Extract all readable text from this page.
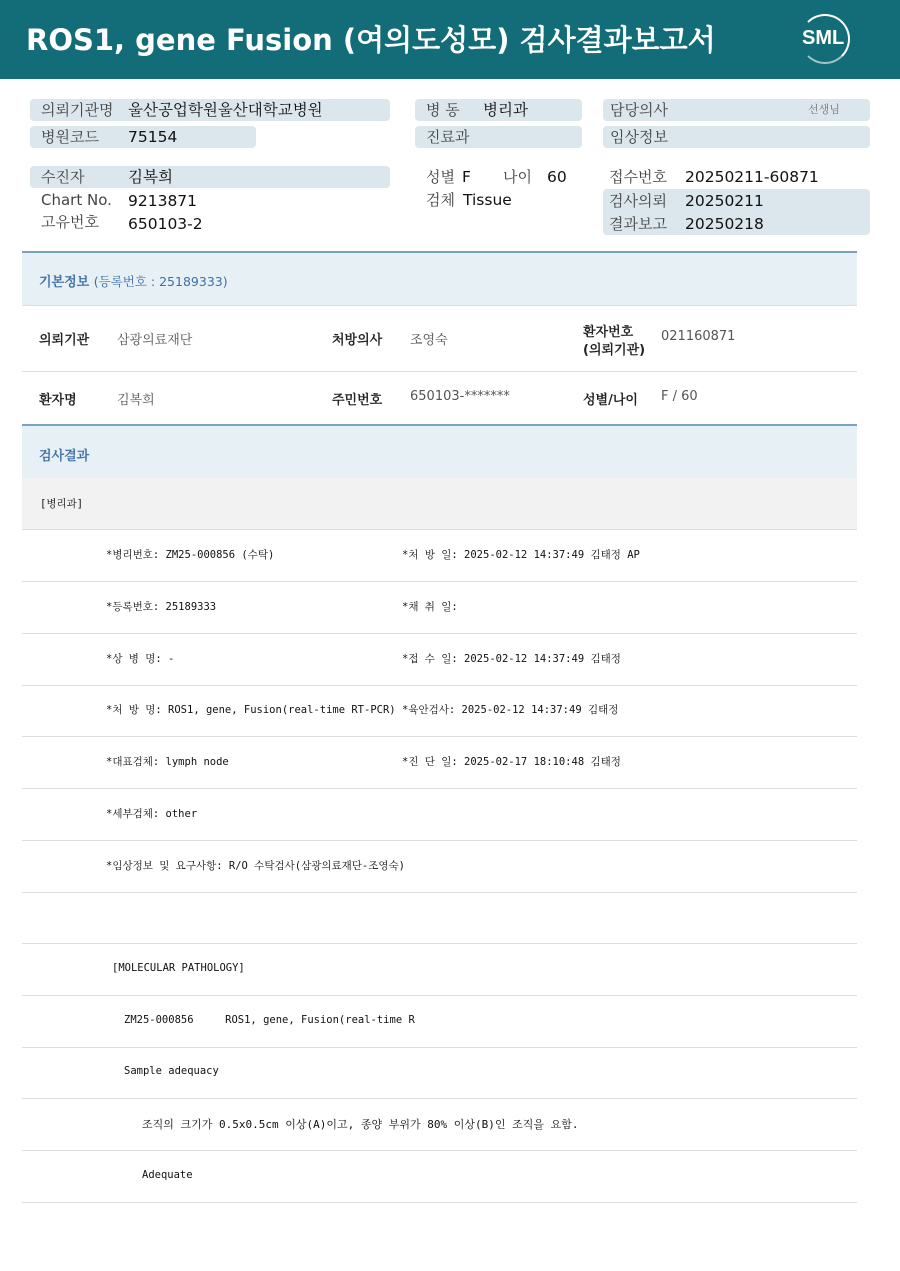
ROS1, gene Fusion (여의도성모) 검사결과보고서	SML
의뢰기관명 울산공업학원울산대학교병원
병원코드 75154
병 동 병리과
진료과
담당의사	선생님
임상정보
수진자	김복희
Chart No. 9213871
고유번호 650103-2
성별 F 나이 60
검체 Tissue
접수번호 20250211-60871
검사의뢰 20250211
결과보고 20250218
기본정보 (등록번호 : 25189333)
의뢰기관 삼광의료재단	처방의사 조영숙
환자번호
(의뢰기관)
021160871
환자명	김복희	주민번호 650103-*******	성별/나이 F / 60
검사결과
[병리과]
*병리번호: ZM25-000856 (수탁)	*처 방 일: 2025-02-12 14:37:49 김태정 AP
*등록번호: 25189333	*채 취 일:
*상 병 명: -	*접 수 일: 2025-02-12 14:37:49 김태정
*처 방 명: ROS1, gene, Fusion(real-time RT-PCR) *육안검사: 2025-02-12 14:37:49 김태정
*대표검체: lymph node	*진 단 일: 2025-02-17 18:10:48 김태정
*세부검체: other
*임상정보 및 요구사항: R/O 수탁검사(삼광의료재단-조영숙)
[MOLECULAR PATHOLOGY]
ZM25-000856     ROS1, gene, Fusion(real-time R
Sample adequacy
조직의 크기가 0.5x0.5cm 이상(A)이고, 종양 부위가 80% 이상(B)인 조직을 요함.
Adequate
